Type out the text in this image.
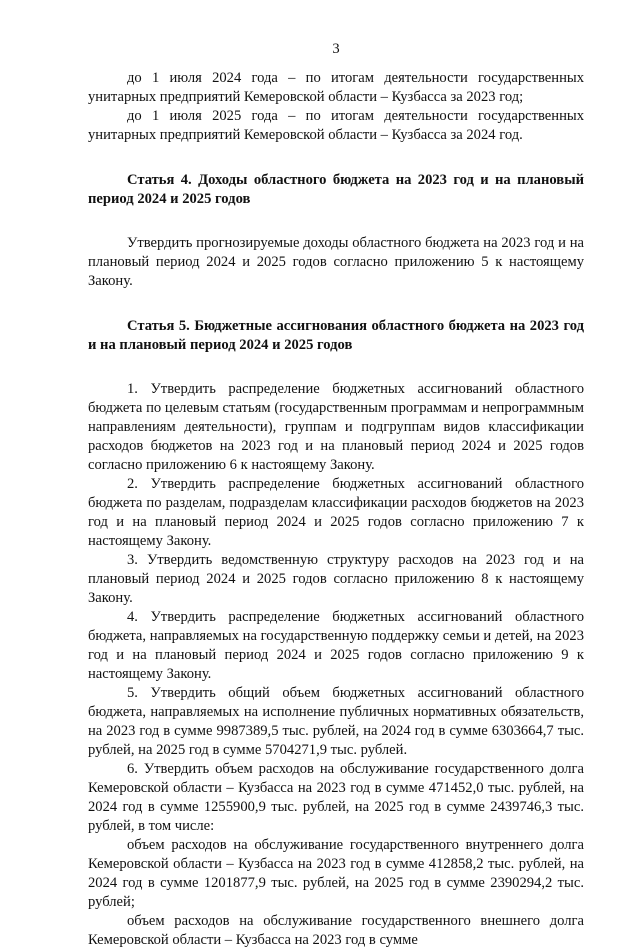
3

до 1 июля 2024 года – по итогам деятельности государственных унитарных предприятий Кемеровской области – Кузбасса за 2023 год;

до 1 июля 2025 года – по итогам деятельности государственных унитарных предприятий Кемеровской области – Кузбасса за 2024 год.

Статья 4. Доходы областного бюджета на 2023 год и на плановый период 2024 и 2025 годов

Утвердить прогнозируемые доходы областного бюджета на 2023 год и на плановый период 2024 и 2025 годов согласно приложению 5 к настоящему Закону.

Статья 5. Бюджетные ассигнования областного бюджета на 2023 год и на плановый период 2024 и 2025 годов

1. Утвердить распределение бюджетных ассигнований областного бюджета по целевым статьям (государственным программам и непрограммным направлениям деятельности), группам и подгруппам видов классификации расходов бюджетов на 2023 год и на плановый период 2024 и 2025 годов согласно приложению 6 к настоящему Закону.

2. Утвердить распределение бюджетных ассигнований областного бюджета по разделам, подразделам классификации расходов бюджетов на 2023 год и на плановый период 2024 и 2025 годов согласно приложению 7 к настоящему Закону.

3. Утвердить ведомственную структуру расходов на 2023 год и на плановый период 2024 и 2025 годов согласно приложению 8 к настоящему Закону.

4. Утвердить распределение бюджетных ассигнований областного бюджета, направляемых на государственную поддержку семьи и детей, на 2023 год и на плановый период 2024 и 2025 годов согласно приложению 9 к настоящему Закону.

5. Утвердить общий объем бюджетных ассигнований областного бюджета, направляемых на исполнение публичных нормативных обязательств, на 2023 год в сумме 9987389,5 тыс. рублей, на 2024 год в сумме 6303664,7 тыс. рублей, на 2025 год в сумме 5704271,9 тыс. рублей.

6. Утвердить объем расходов на обслуживание государственного долга Кемеровской области – Кузбасса на 2023 год в сумме 471452,0 тыс. рублей, на 2024 год в сумме 1255900,9 тыс. рублей, на 2025 год в сумме 2439746,3 тыс. рублей, в том числе:

объем расходов на обслуживание государственного внутреннего долга Кемеровской области – Кузбасса на 2023 год в сумме 412858,2 тыс. рублей, на 2024 год в сумме 1201877,9 тыс. рублей, на 2025 год в сумме 2390294,2 тыс. рублей;

объем расходов на обслуживание государственного внешнего долга Кемеровской области – Кузбасса на 2023 год в сумме
